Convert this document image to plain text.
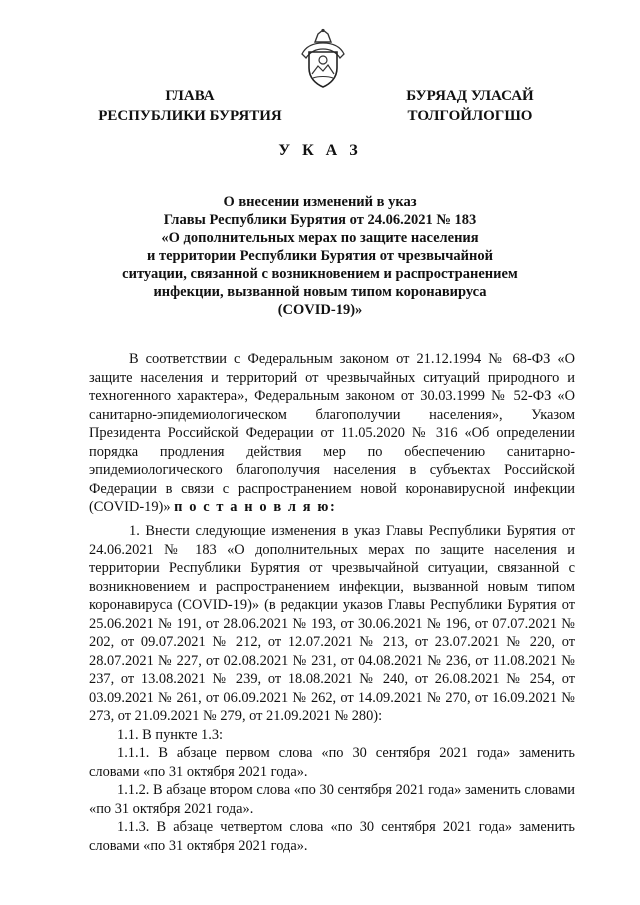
ГЛАВА
РЕСПУБЛИКИ БУРЯТИЯ
БУРЯАД УЛАСАЙ
ТОЛГОЙЛОГШО
У К А З
О внесении изменений в указ
Главы Республики Бурятия от 24.06.2021 № 183
«О дополнительных мерах по защите населения
и территории Республики Бурятия от чрезвычайной
ситуации, связанной с возникновением и распространением
инфекции, вызванной новым типом коронавируса
(COVID-19)»

В соответствии с Федеральным законом от 21.12.1994 № 68-ФЗ «О защите населения и территорий от чрезвычайных ситуаций природного и техногенного характера», Федеральным законом от 30.03.1999 № 52-ФЗ «О санитарно-эпидемиологическом благополучии населения», Указом Президента Российской Федерации от 11.05.2020 № 316 «Об определении порядка продления действия мер по обеспечению санитарно-эпидемиологического благополучия населения в субъектах Российской Федерации в связи с распространением новой коронавирусной инфекции (COVID-19)» п о с т а н о в л я ю:

1. Внести следующие изменения в указ Главы Республики Бурятия от 24.06.2021 № 183 «О дополнительных мерах по защите населения и территории Республики Бурятия от чрезвычайной ситуации, связанной с возникновением и распространением инфекции, вызванной новым типом коронавируса (COVID-19)» (в редакции указов Главы Республики Бурятия от 25.06.2021 № 191, от 28.06.2021 № 193, от 30.06.2021 № 196, от 07.07.2021 № 202, от 09.07.2021 № 212, от 12.07.2021 № 213, от 23.07.2021 № 220, от 28.07.2021 № 227, от 02.08.2021 № 231, от 04.08.2021 № 236, от 11.08.2021 № 237, от 13.08.2021 № 239, от 18.08.2021 № 240, от 26.08.2021 № 254, от 03.09.2021 № 261, от 06.09.2021 № 262, от 14.09.2021 № 270, от 16.09.2021 № 273, от 21.09.2021 № 279, от 21.09.2021 № 280):

1.1. В пункте 1.3:

1.1.1. В абзаце первом слова «по 30 сентября 2021 года» заменить словами «по 31 октября 2021 года».

1.1.2. В абзаце втором слова «по 30 сентября 2021 года» заменить словами «по 31 октября 2021 года».

1.1.3. В абзаце четвертом слова «по 30 сентября 2021 года» заменить словами «по 31 октября 2021 года».
